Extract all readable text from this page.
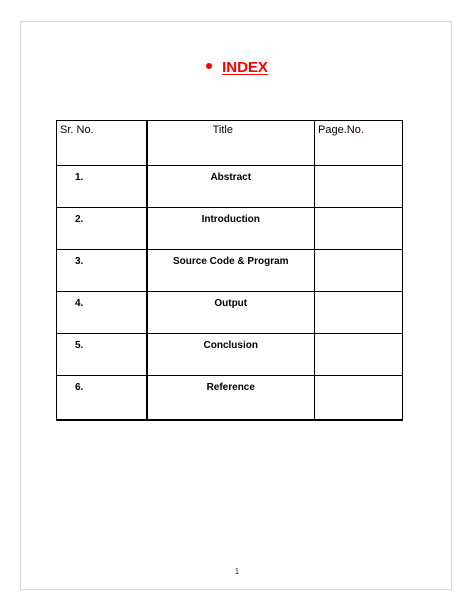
INDEX
Sr. No.	Title	Page.No.
1.	Abstract	
2.	Introduction	
3.	Source Code & Program	
4.	Output	
5.	Conclusion	
6.	Reference	
1
